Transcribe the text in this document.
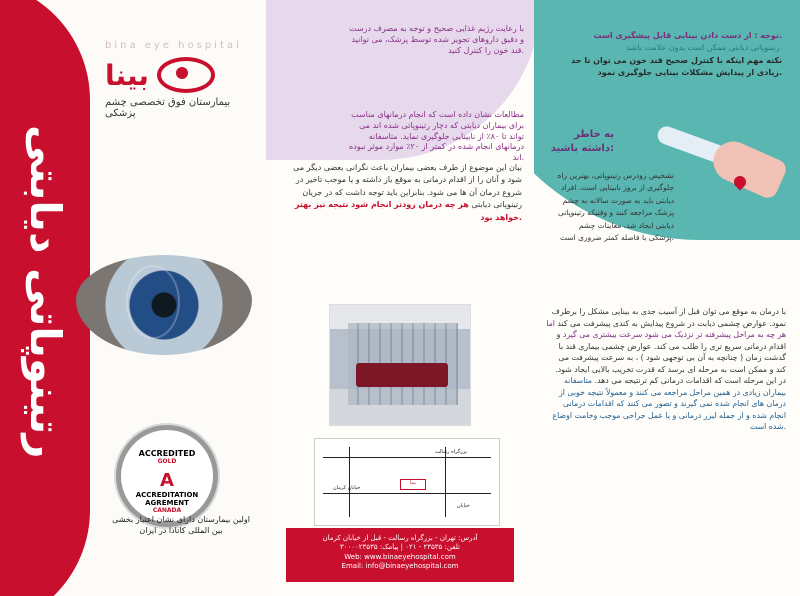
رتینوپاتی دیابتی
bina eye hospital
بینا
بیمارستان فوق تخصصی چشم پزشکی
ACCREDITED
GOLD
A
ACCREDITATION AGREMENT
CANADA
اولین بیمارستان دارای نشان اعتبار بخشی بین المللی کانادا در ایران
با رعایت رژیم غذایی صحیح و توجه به مصرف درست و دقیق داروهای تجویز شده توسط پزشک، می توانید قند خون را کنترل کنید.
مطالعات نشان داده است که انجام درمانهای مناسب برای بیماران دیابتی که دچار رتینوپاتی شده اند می تواند تا ۸۰٪ از نابینایی جلوگیری نماید. متاسفانه درمانهای انجام شده در کمتر از ۲۰٪ موارد موثر نبوده اند.
بیان این موضوع از طرف بعضی بیماران باعث نگرانی بعضی دیگر می شود و آنان را از اقدام درمانی به موقع باز داشته و یا موجب تاخیر در شروع درمان آن ها می شود. بنابراین باید توجه داشت که در جریان رتینوپاتی دیابتی هر چه درمان زودتر انجام شود نتیجه نیز بهتر خواهد بود.
بزرگراه رسالت
خیابان کرمان
خیابان
بینا
آدرس: تهران - بزرگراه رسالت - قبل از خیابان کرمان
تلفن: ۲۳۵۳۵ - ۰۲۱ | پیامک: ۳۰۰۰۰۲۳۵۳۵
Web: www.binaeyehospital.com
Email: info@binaeyehospital.com
توجه : از دست دادن بینایی قابل پیشگیری است.
رتینوپاتی دیابتی ممکن است بدون علامت باشد.
نکته مهم اینکه با کنترل صحیح قند خون می توان تا حد زیادی از پیدایش مشکلات بینایی جلوگیری نمود.
به خاطر داشته باشید:
تشخیص زودرس رتینوپاتی، بهترین راه جلوگیری از بروز نابینایی است. افراد دیابتی باید به صورت سالانه به چشم پزشک مراجعه کنند و وقتیکه رتینوپاتی دیابتی ایجاد شد، معاینات چشم پزشکی با فاصله کمتر ضروری است.
با درمان به موقع می توان قبل از آسیب جدی به بینایی مشکل را برطرف نمود. عوارض چشمی دیابت در شروع پیدایش به کندی پیشرفت می کند اما هر چه به مراحل پیشرفته تر نزدیک می شود سرعت بیشتری می گیرد و اقدام درمانی سریع تری را طلب می کند. عوارض چشمی بیماری قند با گذشت زمان ( چنانچه به آن بی توجهی شود ) ، به سرعت پیشرفت می کند و ممکن است به مرحله ای برسد که قدرت تخریب بالایی ایجاد شود. در این مرحله است که اقدامات درمانی کم ترنتیجه می دهد. متاسفانه بیماران زیادی در همین مراحل مراجعه می کنند و معمولاً نتیجه خوبی از درمان های انجام شده نمی گیرند و تصور می کنند که اقدامات درمانی انجام شده و از جمله لیزر درمانی و یا عمل جراحی موجب وخامت اوضاع شده است.
